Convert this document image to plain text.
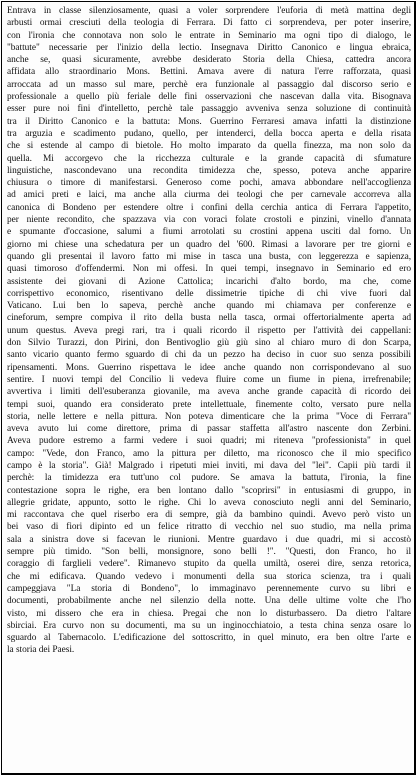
Entrava in classe silenziosamente, quasi a voler sorprendere l'euforia di metà mattina degli
arbusti ormai cresciuti della teologia di Ferrara. Di fatto ci sorprendeva, per poter inserire,
con l'ironia che connotava non solo le entrate in Seminario ma ogni tipo di dialogo, le
"battute" necessarie per l'inizio della lectio. Insegnava Diritto Canonico e lingua ebraica,
anche se, quasi sicuramente, avrebbe desiderato Storia della Chiesa, cattedra ancora
affidata allo straordinario Mons. Bettini. Amava avere di natura l'erre rafforzata, quasi
arroccata ad un masso sul mare, perchè era funzionale al passaggio dal discorso serio e
professionale a quello più feriale delle fini osservazioni che nascevan dalla vita. Bisognava
esser pure noi fini d'intelletto, perchè tale passaggio avveniva senza soluzione di continuità
tra il Diritto Canonico e la battuta: Mons. Guerrino Ferraresi amava infatti la distinzione
tra arguzia e scadimento pudano, quello, per intenderci, della bocca aperta e della risata
che si estende al campo di bietole. Ho molto imparato da quella finezza, ma non solo da
quella. Mi accorgevo che la ricchezza culturale e la grande capacità di sfumature
linguistiche, nascondevano una recondita timidezza che, spesso, poteva anche apparire
chiusura o timore di manifestarsi. Generoso come pochi, amava abbondare nell'accoglienza
ad amici preti e laici, ma anche alla ciurma dei teologi che per carnevale accorreva alla
canonica di Bondeno per estendere oltre i confini della cerchia antica di Ferrara l'appetito,
per niente recondito, che spazzava via con voraci folate crostoli e pinzini, vinello d'annata
e spumante d'occasione, salumi a fiumi arrotolati su crostini appena usciti dal forno. Un
giorno mi chiese una schedatura per un quadro del '600. Rimasi a lavorare per tre giorni e
quando gli presentai il lavoro fatto mi mise in tasca una busta, con leggerezza e sapienza,
quasi timoroso d'offendermi. Non mi offesi. In quei tempi, insegnavo in Seminario ed ero
assistente dei giovani di Azione Cattolica; incarichi d'alto bordo, ma che, come
corrispettivo economico, risentivano delle dissimetrie tipiche di chi vive fuori dal
Vaticano. Lui ben lo sapeva, perchè anche quando mi chiamava per conferenze e
cineforum, sempre compiva il rito della busta nella tasca, ormai offertorialmente aperta ad
unum questus. Aveva pregi rari, tra i quali ricordo il rispetto per l'attività dei cappellani:
don Silvio Turazzi, don Pirini, don Bentivoglio giù giù sino al chiaro muro di don Scarpa,
santo vicario quanto fermo sguardo di chi da un pezzo ha deciso in cuor suo senza possibili
ripensamenti. Mons. Guerrino rispettava le idee anche quando non corrispondevano al suo
sentire. I nuovi tempi del Concilio li vedeva fluire come un fiume in piena, irrefrenabile;
avvertiva i limiti dell'esuberanza giovanile, ma aveva anche grande capacità di ricordo dei
tempi suoi, quando era considerato prete intellettuale, finemente colto, versato pure nella
storia, nelle lettere e nella pittura. Non poteva dimenticare che la prima "Voce di Ferrara"
aveva avuto lui come direttore, prima di passar staffetta all'astro nascente don Zerbini.
Aveva pudore estremo a farmi vedere i suoi quadri; mi riteneva "professionista" in quel
campo: "Vede, don Franco, amo la pittura per diletto, ma riconosco che il mio specifico
campo è la storia". Già! Malgrado i ripetuti miei inviti, mi dava del "lei". Capii più tardi il
perchè: la timidezza era tutt'uno col pudore. Se amava la battuta, l'ironia, la fine
contestazione sopra le righe, era ben lontano dallo "scoprirsi" in entusiasmi di gruppo, in
allegrie gridate, appunto, sotto le righe. Chi lo aveva conosciuto negli anni del Seminario,
mi raccontava che quel riserbo era di sempre, già da bambino quindi. Avevo però visto un
bei vaso di fiori dipinto ed un felice ritratto di vecchio nel suo studio, ma nella prima
sala a sinistra dove si facevan le riunioni. Mentre guardavo i due quadri, mi si accostò
sempre più timido. "Son belli, monsignore, sono belli !". "Questi, don Franco, ho il
coraggio di farglieli vedere". Rimanevo stupito da quella umiltà, oserei dire, senza retorica,
che mi edificava. Quando vedevo i monumenti della sua storica scienza, tra i quali
campeggiava "La storia di Bondeno", lo immaginavo perennemente curvo su libri e
documenti, probabilmente anche nel silenzio della notte. Una delle ultime volte che l'ho
visto, mi dissero che era in chiesa. Pregai che non lo disturbassero. Da dietro l'altare
sbirciai. Era curvo non su documenti, ma su un inginocchiatoio, a testa china senza osare lo
sguardo al Tabernacolo. L'edificazione del sottoscritto, in quel minuto, era ben oltre l'arte e
la storia dei Paesi.
